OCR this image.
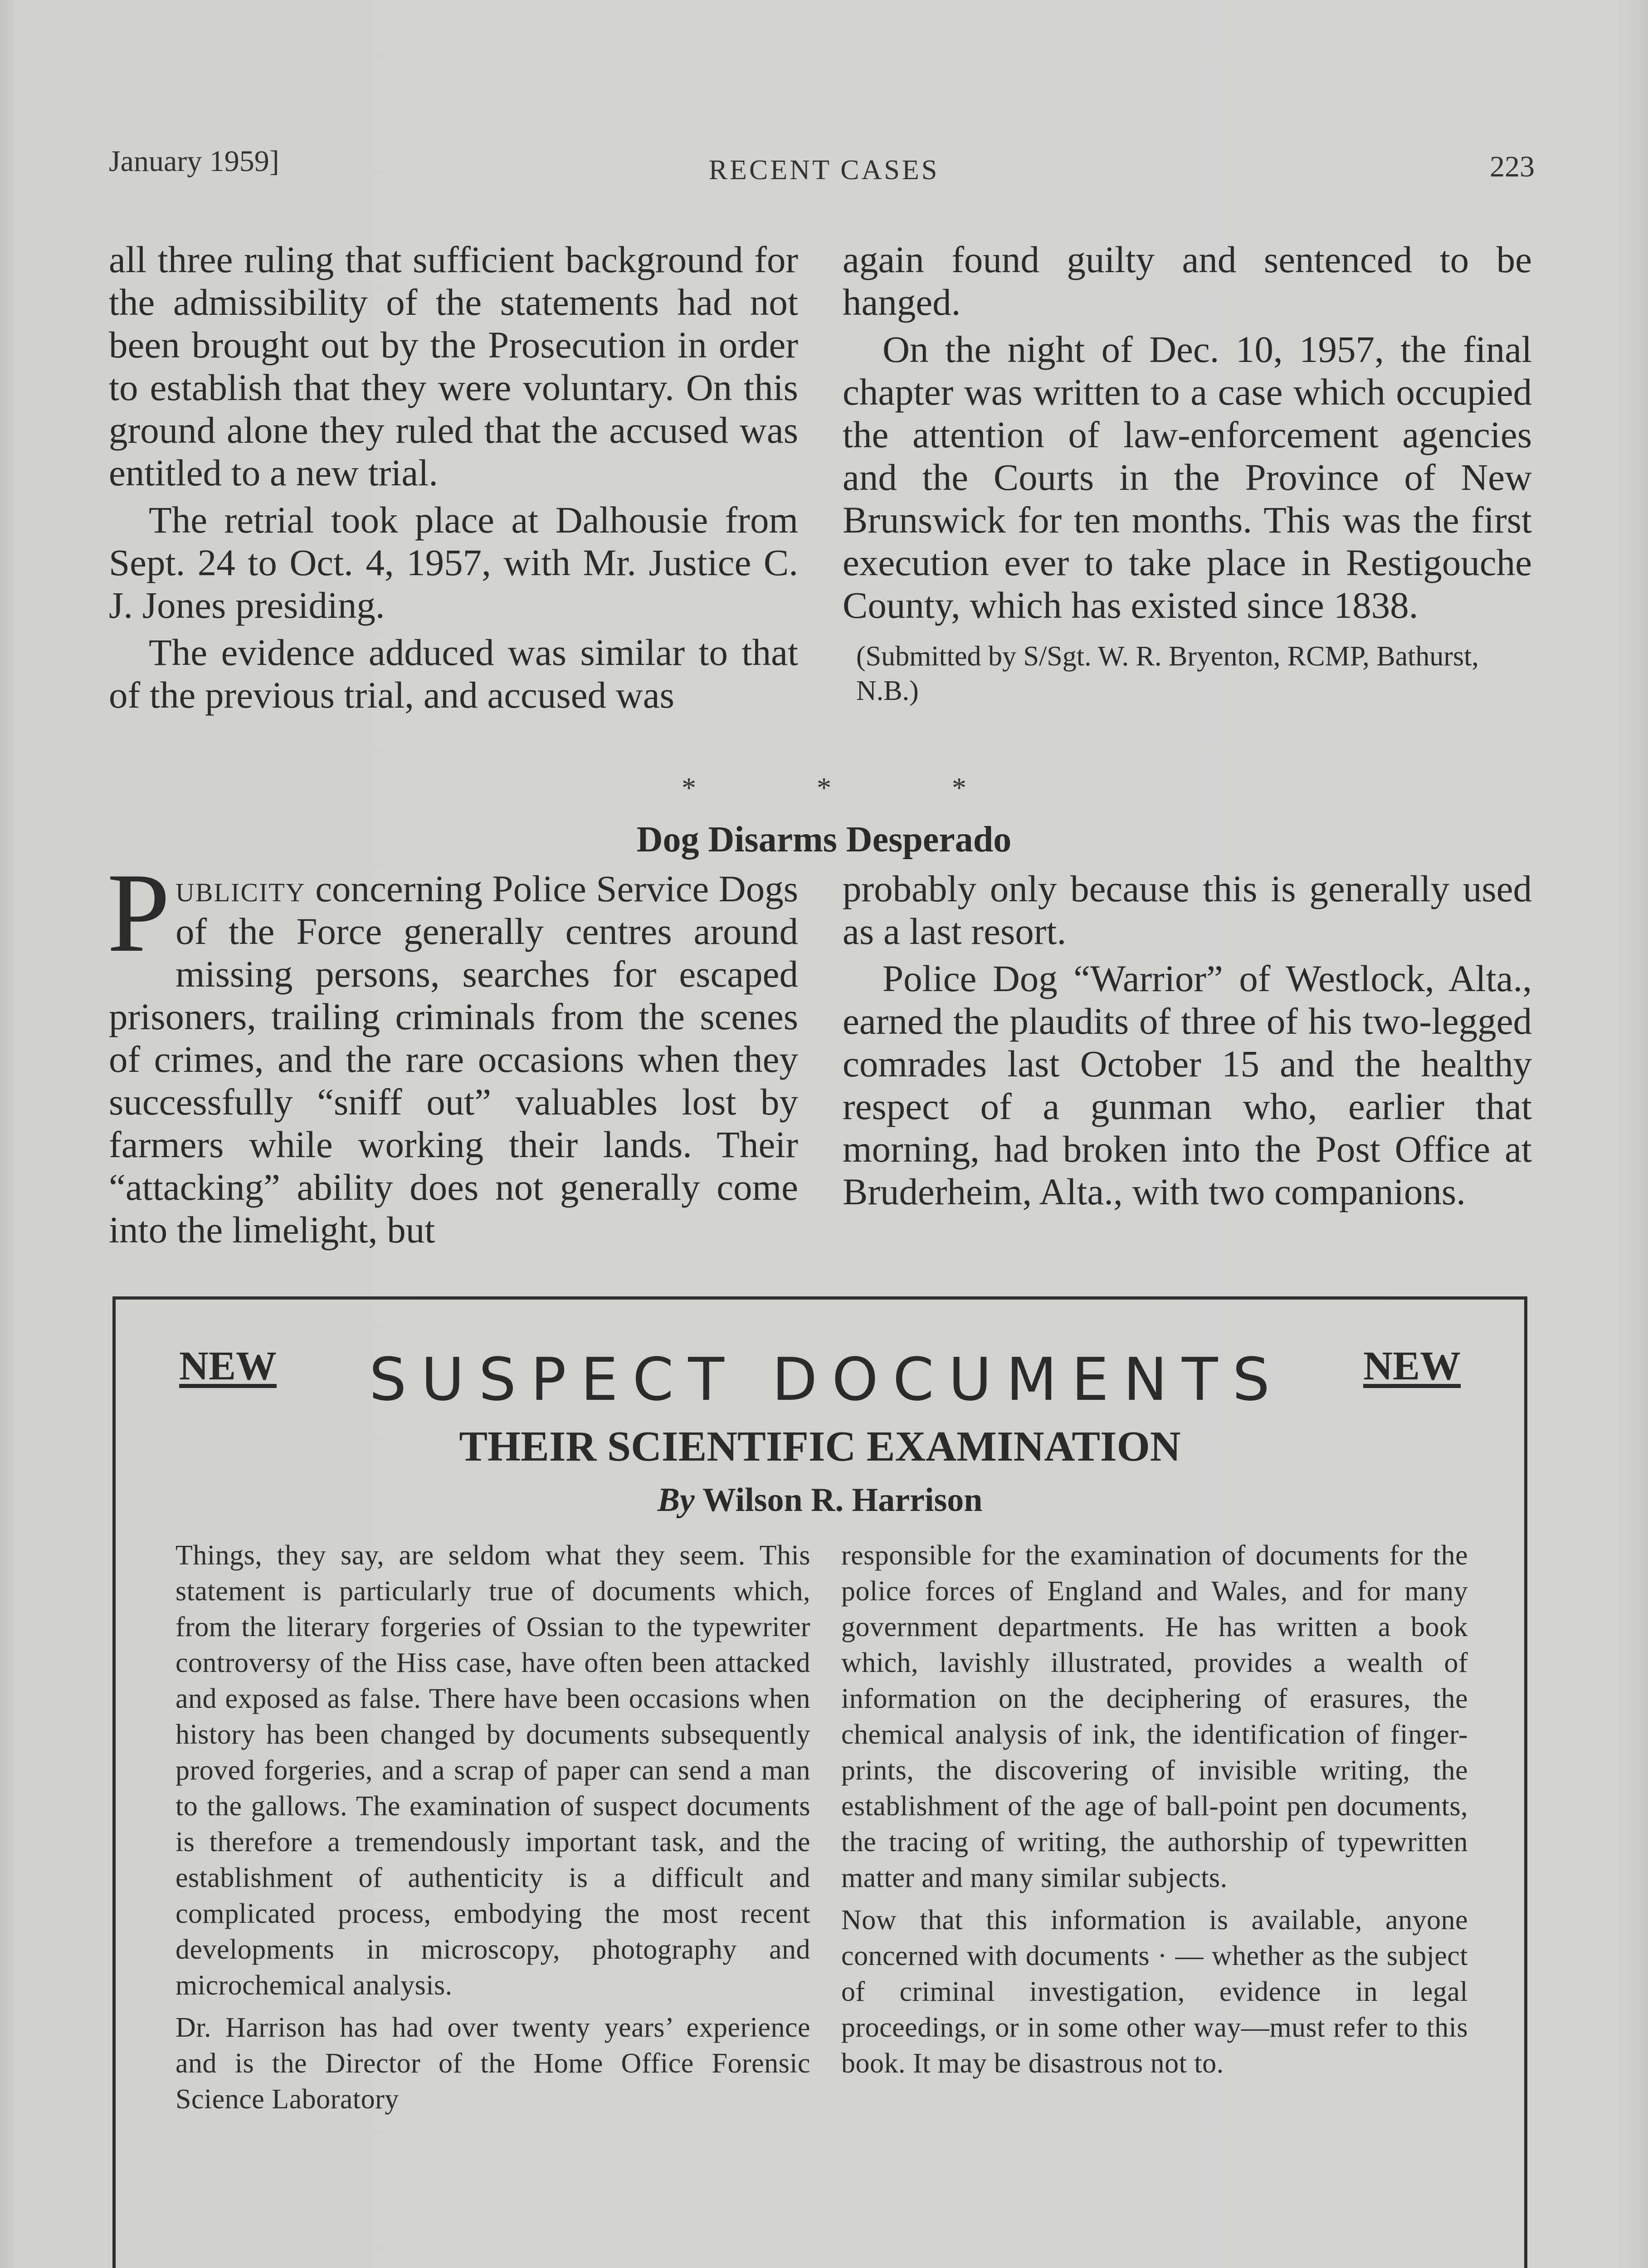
January 1959]	RECENT CASES	223

all three ruling that sufficient background for the admissibility of the statements had not been brought out by the Prosecution in order to establish that they were voluntary. On this ground alone they ruled that the accused was entitled to a new trial.

The retrial took place at Dalhousie from Sept. 24 to Oct. 4, 1957, with Mr. Justice C. J. Jones presiding.

The evidence adduced was similar to that of the previous trial, and accused was

again found guilty and sentenced to be hanged.

On the night of Dec. 10, 1957, the final chapter was written to a case which occupied the attention of law-enforcement agencies and the Courts in the Province of New Brunswick for ten months. This was the first execution ever to take place in Restigouche County, which has existed since 1838.

(Submitted by S/Sgt. W. R. Bryenton, RCMP, Bathurst, N.B.)

*	*	*
Dog Disarms Desperado

Publicity concerning Police Service Dogs of the Force generally centres around missing persons, searches for escaped prisoners, trailing criminals from the scenes of crimes, and the rare occasions when they successfully “sniff out” valuables lost by farmers while working their lands. Their “attacking” ability does not generally come into the limelight, but

probably only because this is generally used as a last resort.

Police Dog “Warrior” of Westlock, Alta., earned the plaudits of three of his two-legged comrades last October 15 and the healthy respect of a gunman who, earlier that morning, had broken into the Post Office at Bruderheim, Alta., with two companions.

NEW	NEW
SUSPECT DOCUMENTS
THEIR SCIENTIFIC EXAMINATION
By Wilson R. Harrison

Things, they say, are seldom what they seem. This statement is particularly true of documents which, from the literary forgeries of Ossian to the typewriter controversy of the Hiss case, have often been attacked and exposed as false. There have been occasions when history has been changed by documents subsequently proved forgeries, and a scrap of paper can send a man to the gallows. The examination of suspect documents is therefore a tremendously important task, and the establishment of authenticity is a difficult and complicated process, embodying the most recent developments in microscopy, photography and microchemical analysis.

Dr. Harrison has had over twenty years’ experience and is the Director of the Home Office Forensic Science Laboratory

responsible for the examination of documents for the police forces of England and Wales, and for many government departments. He has written a book which, lavishly illustrated, provides a wealth of information on the deciphering of erasures, the chemical analysis of ink, the identification of finger-prints, the discovering of invisible writing, the establishment of the age of ball-point pen documents, the tracing of writing, the authorship of typewritten matter and many similar subjects.

Now that this information is available, anyone concerned with documents · — whether as the subject of criminal investigation, evidence in legal proceedings, or in some other way—must refer to this book. It may be disastrous not to.
